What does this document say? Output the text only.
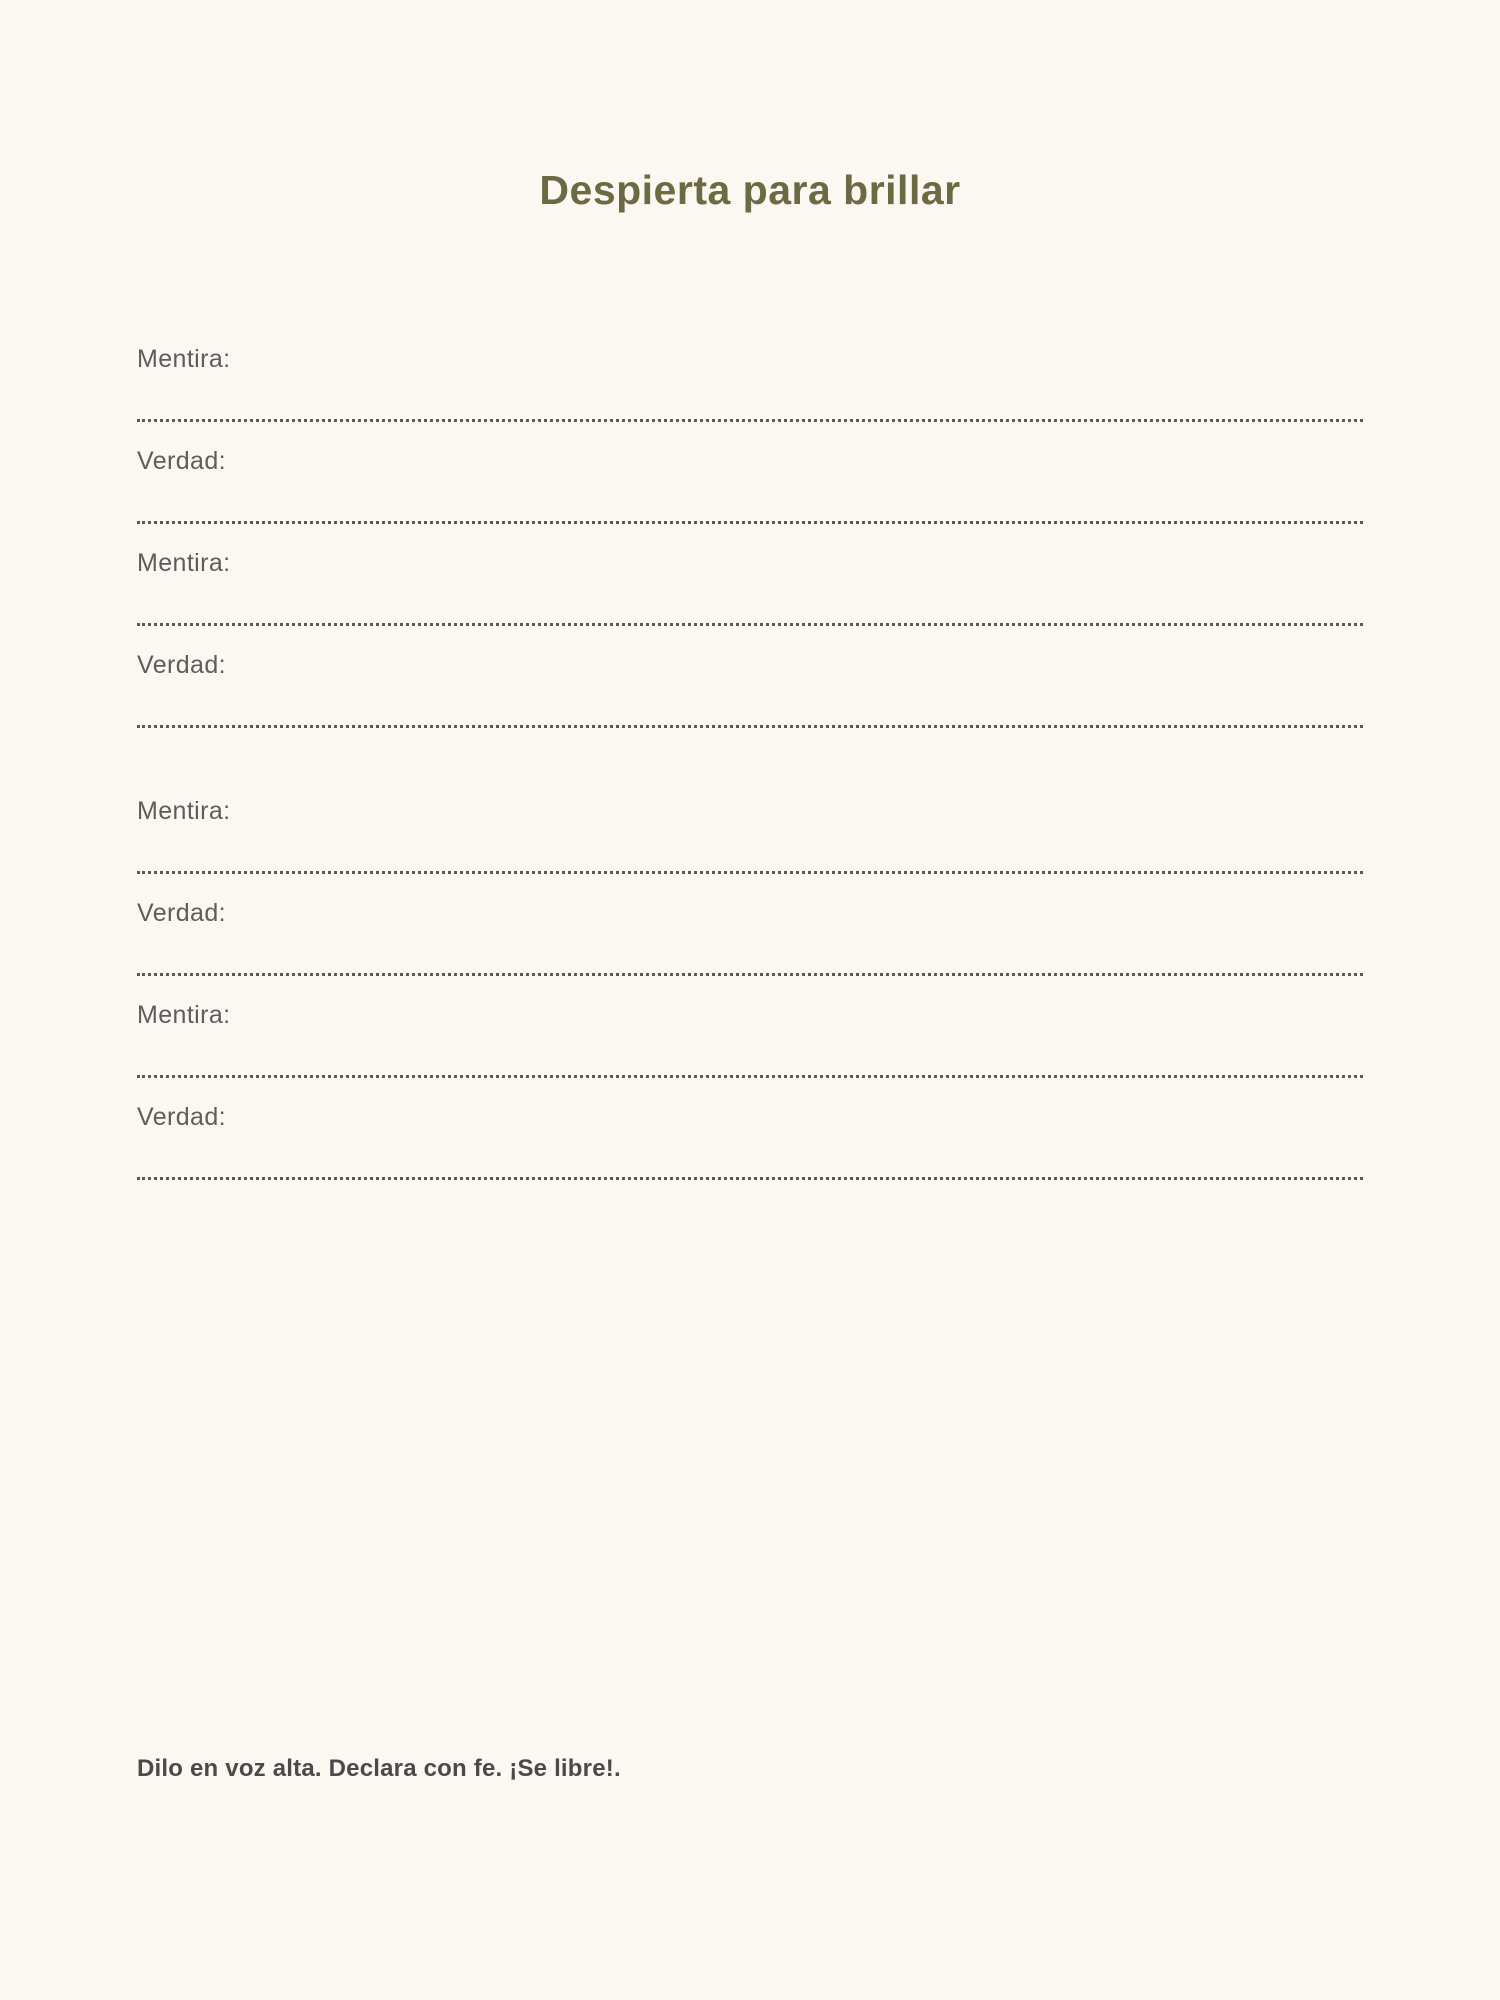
Despierta para brillar
Mentira:
Verdad:
Mentira:
Verdad:
Mentira:
Verdad:
Mentira:
Verdad:
Dilo en voz alta. Declara con fe. ¡Se libre!.
